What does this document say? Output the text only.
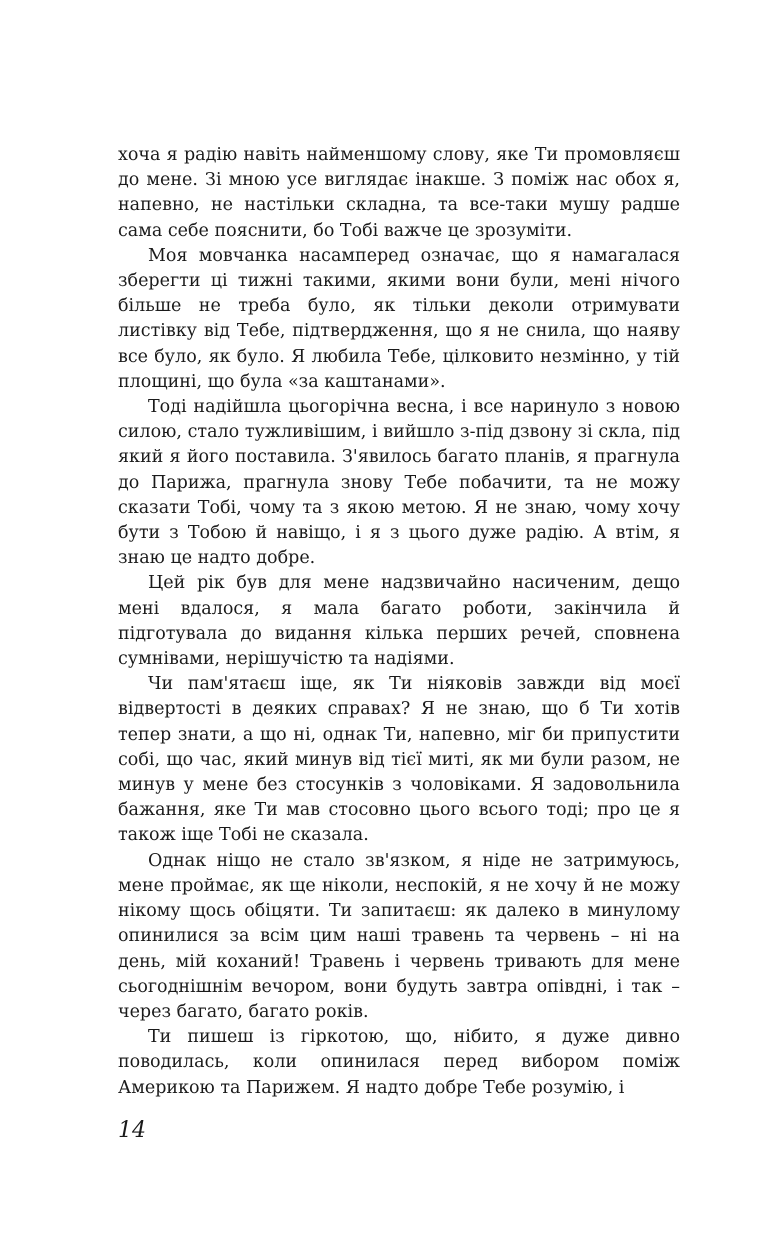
хоча я радію навіть найменшому слову, яке Ти промовляєш до мене. Зі мною усе виглядає інакше. З поміж нас обох я, напевно, не настільки складна, та все-таки мушу радше сама себе пояснити, бо Тобі важче це зрозуміти.

Моя мовчанка насамперед означає, що я намагалася зберегти ці тижні такими, якими вони були, мені нічого більше не треба було, як тільки деколи отримувати листівку від Тебе, підтвердження, що я не снила, що наяву все було, як було. Я любила Тебе, цілковито незмінно, у тій площині, що була «за каштанами».

Тоді надійшла цьогорічна весна, і все наринуло з новою силою, стало тужливішим, і вийшло з-під дзвону зі скла, під який я його поставила. З'явилось багато планів, я прагнула до Парижа, прагнула знову Тебе побачити, та не можу сказати Тобі, чому та з якою метою. Я не знаю, чому хочу бути з Тобою й навіщо, і я з цього дуже радію. А втім, я знаю це надто добре.

Цей рік був для мене надзвичайно насиченим, дещо мені вдалося, я мала багато роботи, закінчила й підготувала до видання кілька перших речей, сповнена сумнівами, нерішучістю та надіями.

Чи пам'ятаєш іще, як Ти ніяковів завжди від моєї відвертості в деяких справах? Я не знаю, що б Ти хотів тепер знати, а що ні, однак Ти, напевно, міг би припустити собі, що час, який минув від тієї миті, як ми були разом, не минув у мене без стосунків з чоловіками. Я задовольнила бажання, яке Ти мав стосовно цього всього тоді; про це я також іще Тобі не сказала.

Однак ніщо не стало зв'язком, я ніде не затримуюсь, мене проймає, як ще ніколи, неспокій, я не хочу й не можу нікому щось обіцяти. Ти запитаєш: як далеко в минулому опинилися за всім цим наші травень та червень – ні на день, мій коханий! Травень і червень тривають для мене сьогоднішнім вечором, вони будуть завтра опівдні, і так – через багато, багато років.

Ти пишеш із гіркотою, що, нібито, я дуже дивно поводилась, коли опинилася перед вибором поміж Америкою та Парижем. Я надто добре Тебе розумію, і

14
